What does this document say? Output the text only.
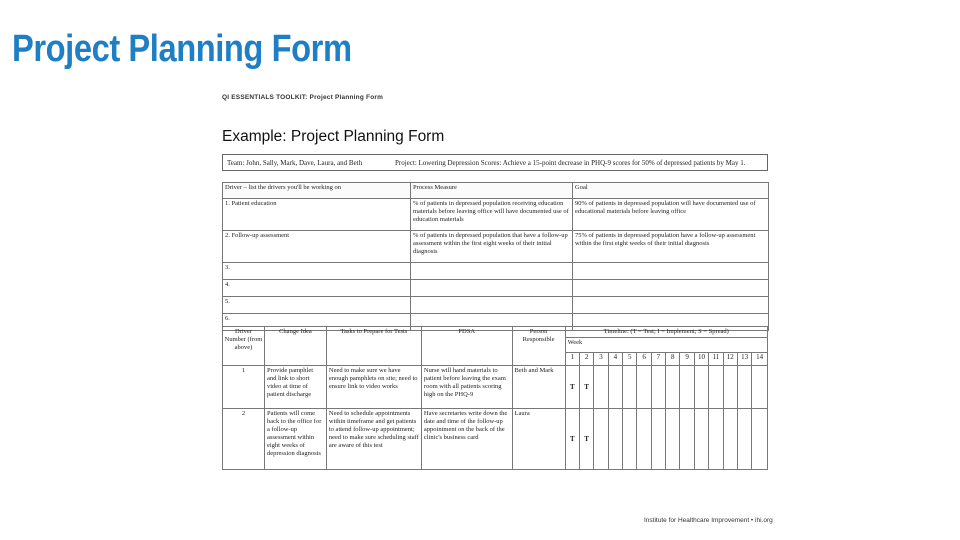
Project Planning Form
QI ESSENTIALS TOOLKIT: Project Planning Form
Example: Project Planning Form
Team: John, Sally, Mark, Dave, Laura, and Beth	Project: Lowering Depression Scores: Achieve a 15-point decrease in PHQ-9 scores for 50% of depressed patients by May 1.
Driver – list the drivers you'll be working on	Process Measure	Goal
1. Patient education	% of patients in depressed population receiving education materials before leaving office will have documented use of education materials	90% of patients in depressed population will have documented use of educational materials before leaving office
2. Follow-up assessment	% of patients in depressed population that have a follow-up assessment within the first eight weeks of their initial diagnosis	75% of patients in depressed population have a follow-up assessment within the first eight weeks of their initial diagnosis
3.		
4.		
5.		
6.		
Driver Number (from above)	Change Idea	Tasks to Prepare for Tests	PDSA	Person Responsible	Timeline: (T = Test; I = Implement; S = Spread)													
					Week													
					1	2	3	4	5	6	7	8	9	10	11	12	13	14
1	Provide pamphlet and link to short video at time of patient discharge	Need to make sure we have enough pamphlets on site; need to ensure link to video works	Nurse will hand materials to patient before leaving the exam room with all patients scoring high on the PHQ-9	Beth and Mark	T	T												
2	Patients will come back to the office for a follow-up assessment within eight weeks of depression diagnosis	Need to schedule appointments within timeframe and get patients to attend follow-up appointment; need to make sure scheduling staff are aware of this test	Have secretaries write down the date and time of the follow-up appointment on the back of the clinic's business card	Laura	T	T												
Institute for Healthcare Improvement • ihi.org
